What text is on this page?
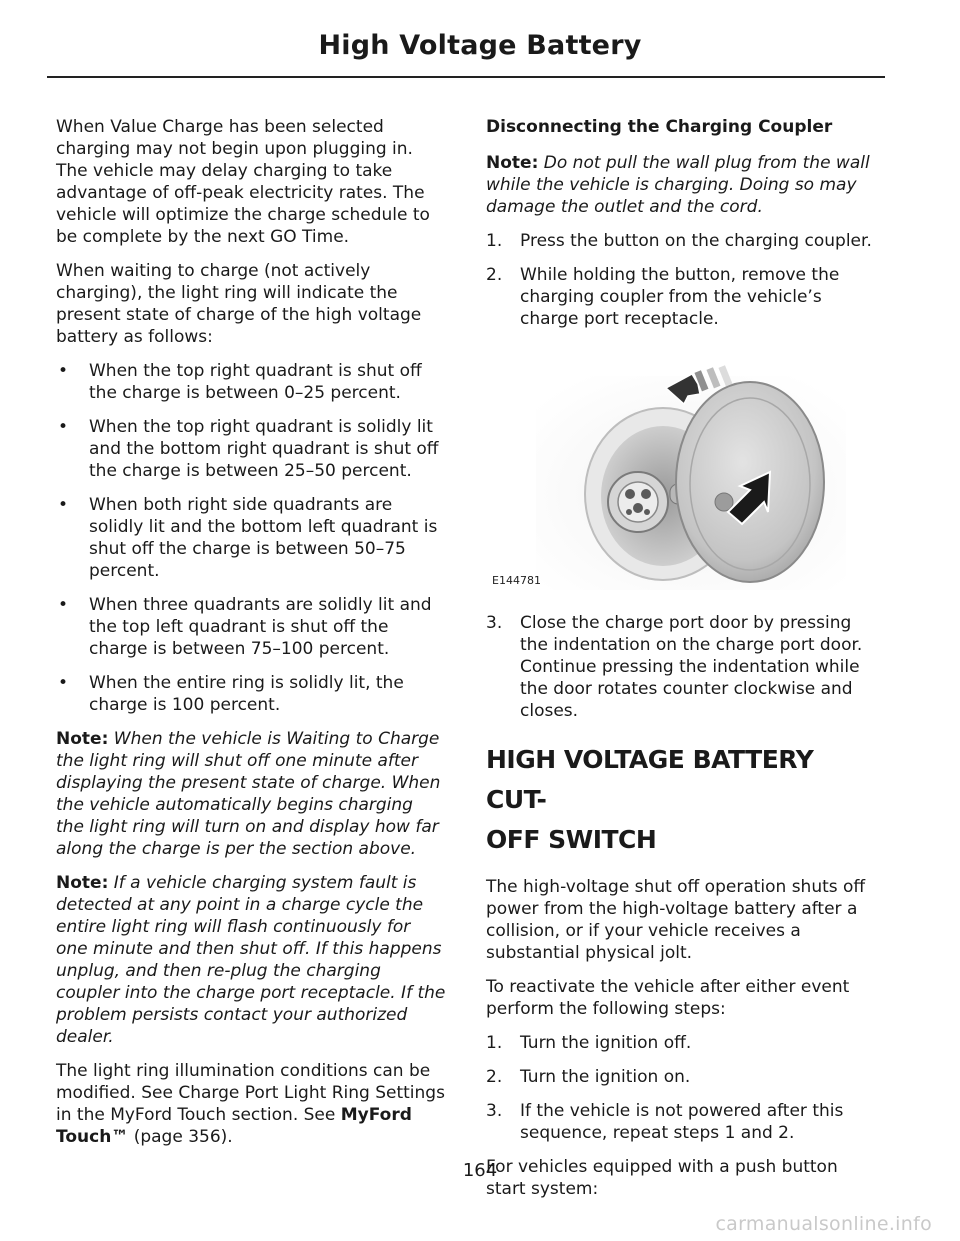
High Voltage Battery

When Value Charge has been selected charging may not begin upon plugging in. The vehicle may delay charging to take advantage of off-peak electricity rates. The vehicle will optimize the charge schedule to be complete by the next GO Time.

When waiting to charge (not actively charging), the light ring will indicate the present state of charge of the high voltage battery as follows:

• When the top right quadrant is shut off the charge is between 0–25 percent.
• When the top right quadrant is solidly lit and the bottom right quadrant is shut off the charge is between 25–50 percent.
• When both right side quadrants are solidly lit and the bottom left quadrant is shut off the charge is between 50–75 percent.
• When three quadrants are solidly lit and the top left quadrant is shut off the charge is between 75–100 percent.
• When the entire ring is solidly lit, the charge is 100 percent.

Note: When the vehicle is Waiting to Charge the light ring will shut off one minute after displaying the present state of charge. When the vehicle automatically begins charging the light ring will turn on and display how far along the charge is per the section above.

Note: If a vehicle charging system fault is detected at any point in a charge cycle the entire light ring will flash continuously for one minute and then shut off. If this happens unplug, and then re-plug the charging coupler into the charge port receptacle. If the problem persists contact your authorized dealer.

The light ring illumination conditions can be modified. See Charge Port Light Ring Settings in the MyFord Touch section. See MyFord Touch™ (page 356).

Disconnecting the Charging Coupler

Note: Do not pull the wall plug from the wall while the vehicle is charging. Doing so may damage the outlet and the cord.

1. Press the button on the charging coupler.
2. While holding the button, remove the charging coupler from the vehicle’s charge port receptacle.
E144781
3. Close the charge port door by pressing the indentation on the charge port door. Continue pressing the indentation while the door rotates counter clockwise and closes.
HIGH VOLTAGE BATTERY CUT-
OFF SWITCH

The high-voltage shut off operation shuts off power from the high-voltage battery after a collision, or if your vehicle receives a substantial physical jolt.

To reactivate the vehicle after either event perform the following steps:

1. Turn the ignition off.
2. Turn the ignition on.
3. If the vehicle is not powered after this sequence, repeat steps 1 and 2.

For vehicles equipped with a push button start system:

164
carmanualsonline.info
